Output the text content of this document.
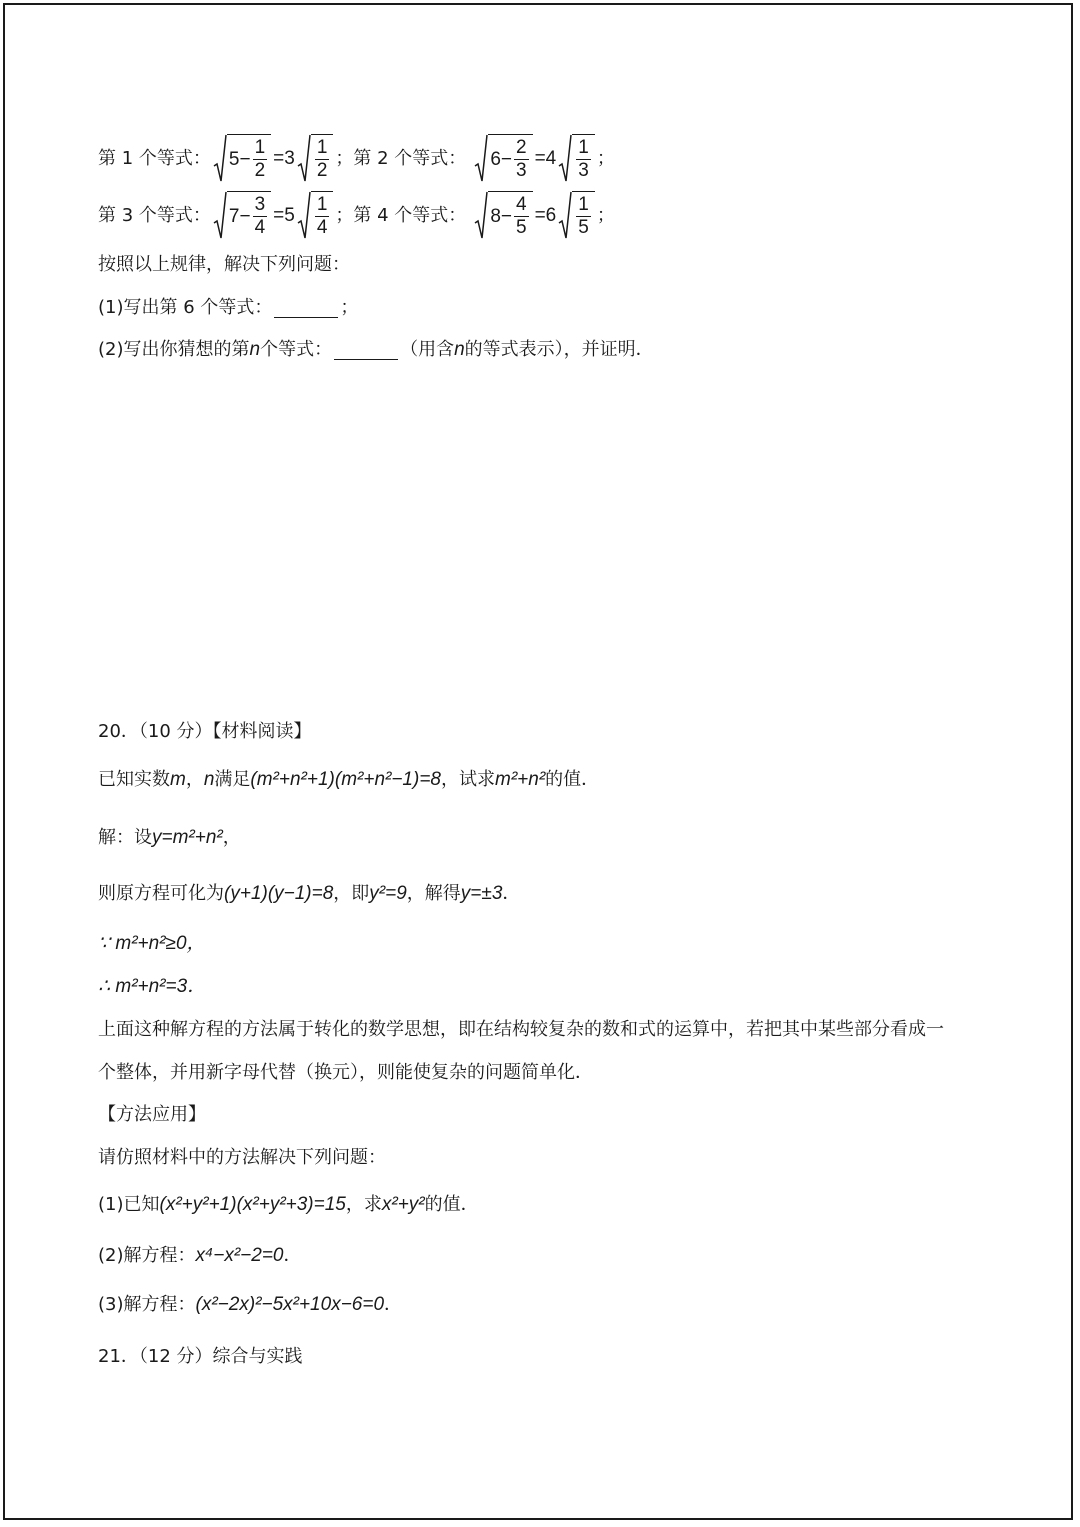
第 1 个等式： $5- \frac{1}{2} =3 \frac{1}{2}$ ； 第 2 个等式： $6- \frac{2}{3} =4 \frac{1}{3}$ ；
第 3 个等式： $7- \frac{3}{4} =5 \frac{1}{4}$ ； 第 4 个等式： $8- \frac{4}{5} =6 \frac{1}{5}$ ；
按照以上规律，解决下列问题：
(1)写出第 6 个等式：	；
(2)写出你猜想的第 n 个等式：	（用含 n 的等式表示），并证明．
20．（10 分）【材料阅读】
已知实数 m ， n 满足 (m²+n²+1)(m²+n²−1)=8 ，试求 m²+n² 的值．
解：设 y=m²+n² ，
则原方程可化为 (y+1)(y−1)=8 ，即 y²=9 ，解得 y=±3 ．
∵ m²+n²≥0，
∴ m²+n²=3．
上面这种解方程的方法属于转化的数学思想，即在结构较复杂的数和式的运算中，若把其中某些部分看成一
个整体，并用新字母代替（换元），则能使复杂的问题简单化．
【方法应用】
请仿照材料中的方法解决下列问题：
(1)已知 (x²+y²+1)(x²+y²+3)=15 ，求 x²+y² 的值．
(2)解方程： x⁴−x²−2=0 ．
(3)解方程： (x²−2x)²−5x²+10x−6=0 ．
21．（12 分）综合与实践
